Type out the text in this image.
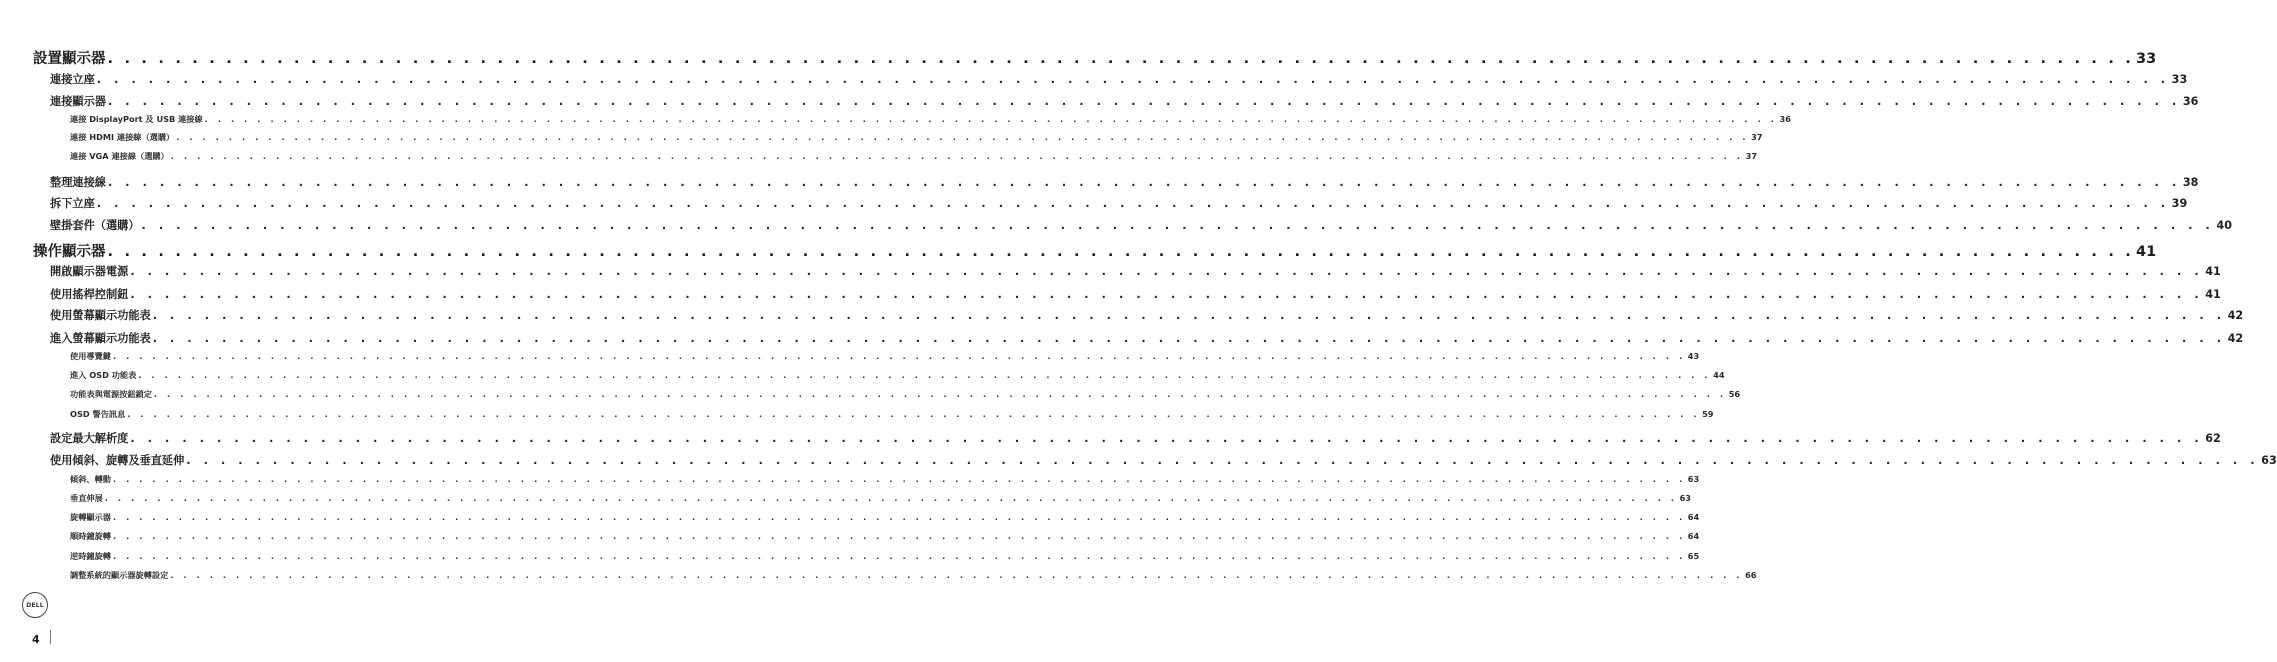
設置顯示器 . . . . . . . . . . . . . . . . . . . . . . . . . . . . . . . . . . . . . . . . . . . . . . . . . . . . . . . . . . . . . . . . . . . . . . . . . . . . . . . . . . . . . . . . . . . . . . . . . . . . . . . . . . . . . . . . . . . . . . . . 33
連接立座 . . . . . . . . . . . . . . . . . . . . . . . . . . . . . . . . . . . . . . . . . . . . . . . . . . . . . . . . . . . . . . . . . . . . . . . . . . . . . . . . . . . . . . . . . . . . . . . . . . . . . . . . . . . . . . . . . . . . . . . . 33
連接顯示器 . . . . . . . . . . . . . . . . . . . . . . . . . . . . . . . . . . . . . . . . . . . . . . . . . . . . . . . . . . . . . . . . . . . . . . . . . . . . . . . . . . . . . . . . . . . . . . . . . . . . . . . . . . . . . . . . . . . . . . . . 36
連接 DisplayPort 及 USB 連接線 . . . . . . . . . . . . . . . . . . . . . . . . . . . . . . . . . . . . . . . . . . . . . . . . . . . . . . . . . . . . . . . . . . . . . . . . . . . . . . . . . . . . . . . . . . . . . . . . . . . . . . . . . . . . . . . . . . . . . . . . 36
連接 HDMI 連接線（選購） . . . . . . . . . . . . . . . . . . . . . . . . . . . . . . . . . . . . . . . . . . . . . . . . . . . . . . . . . . . . . . . . . . . . . . . . . . . . . . . . . . . . . . . . . . . . . . . . . . . . . . . . . . . . . . . . . . . . . . . . 37
連接 VGA 連接線（選購） . . . . . . . . . . . . . . . . . . . . . . . . . . . . . . . . . . . . . . . . . . . . . . . . . . . . . . . . . . . . . . . . . . . . . . . . . . . . . . . . . . . . . . . . . . . . . . . . . . . . . . . . . . . . . . . . . . . . . . . . 37
整理連接線 . . . . . . . . . . . . . . . . . . . . . . . . . . . . . . . . . . . . . . . . . . . . . . . . . . . . . . . . . . . . . . . . . . . . . . . . . . . . . . . . . . . . . . . . . . . . . . . . . . . . . . . . . . . . . . . . . . . . . . . . 38
拆下立座 . . . . . . . . . . . . . . . . . . . . . . . . . . . . . . . . . . . . . . . . . . . . . . . . . . . . . . . . . . . . . . . . . . . . . . . . . . . . . . . . . . . . . . . . . . . . . . . . . . . . . . . . . . . . . . . . . . . . . . . . 39
壁掛套件（選購） . . . . . . . . . . . . . . . . . . . . . . . . . . . . . . . . . . . . . . . . . . . . . . . . . . . . . . . . . . . . . . . . . . . . . . . . . . . . . . . . . . . . . . . . . . . . . . . . . . . . . . . . . . . . . . . . . . . . . . . . 40
操作顯示器 . . . . . . . . . . . . . . . . . . . . . . . . . . . . . . . . . . . . . . . . . . . . . . . . . . . . . . . . . . . . . . . . . . . . . . . . . . . . . . . . . . . . . . . . . . . . . . . . . . . . . . . . . . . . . . . . . . . . . . . . 41
開啟顯示器電源 . . . . . . . . . . . . . . . . . . . . . . . . . . . . . . . . . . . . . . . . . . . . . . . . . . . . . . . . . . . . . . . . . . . . . . . . . . . . . . . . . . . . . . . . . . . . . . . . . . . . . . . . . . . . . . . . . . . . . . . . 41
使用搖桿控制鈕 . . . . . . . . . . . . . . . . . . . . . . . . . . . . . . . . . . . . . . . . . . . . . . . . . . . . . . . . . . . . . . . . . . . . . . . . . . . . . . . . . . . . . . . . . . . . . . . . . . . . . . . . . . . . . . . . . . . . . . . . 41
使用螢幕顯示功能表 . . . . . . . . . . . . . . . . . . . . . . . . . . . . . . . . . . . . . . . . . . . . . . . . . . . . . . . . . . . . . . . . . . . . . . . . . . . . . . . . . . . . . . . . . . . . . . . . . . . . . . . . . . . . . . . . . . . . . . . . 42
進入螢幕顯示功能表 . . . . . . . . . . . . . . . . . . . . . . . . . . . . . . . . . . . . . . . . . . . . . . . . . . . . . . . . . . . . . . . . . . . . . . . . . . . . . . . . . . . . . . . . . . . . . . . . . . . . . . . . . . . . . . . . . . . . . . . . 42
使用導覽鍵 . . . . . . . . . . . . . . . . . . . . . . . . . . . . . . . . . . . . . . . . . . . . . . . . . . . . . . . . . . . . . . . . . . . . . . . . . . . . . . . . . . . . . . . . . . . . . . . . . . . . . . . . . . . . . . . . . . . . . . . . 43
進入 OSD 功能表 . . . . . . . . . . . . . . . . . . . . . . . . . . . . . . . . . . . . . . . . . . . . . . . . . . . . . . . . . . . . . . . . . . . . . . . . . . . . . . . . . . . . . . . . . . . . . . . . . . . . . . . . . . . . . . . . . . . . . . . . 44
功能表與電源按鈕鎖定 . . . . . . . . . . . . . . . . . . . . . . . . . . . . . . . . . . . . . . . . . . . . . . . . . . . . . . . . . . . . . . . . . . . . . . . . . . . . . . . . . . . . . . . . . . . . . . . . . . . . . . . . . . . . . . . . . . . . . . . . 56
OSD 警告訊息 . . . . . . . . . . . . . . . . . . . . . . . . . . . . . . . . . . . . . . . . . . . . . . . . . . . . . . . . . . . . . . . . . . . . . . . . . . . . . . . . . . . . . . . . . . . . . . . . . . . . . . . . . . . . . . . . . . . . . . . . 59
設定最大解析度 . . . . . . . . . . . . . . . . . . . . . . . . . . . . . . . . . . . . . . . . . . . . . . . . . . . . . . . . . . . . . . . . . . . . . . . . . . . . . . . . . . . . . . . . . . . . . . . . . . . . . . . . . . . . . . . . . . . . . . . . 62
使用傾斜、旋轉及垂直延伸 . . . . . . . . . . . . . . . . . . . . . . . . . . . . . . . . . . . . . . . . . . . . . . . . . . . . . . . . . . . . . . . . . . . . . . . . . . . . . . . . . . . . . . . . . . . . . . . . . . . . . . . . . . . . . . . . . . . . . . . . 63
傾斜、轉動 . . . . . . . . . . . . . . . . . . . . . . . . . . . . . . . . . . . . . . . . . . . . . . . . . . . . . . . . . . . . . . . . . . . . . . . . . . . . . . . . . . . . . . . . . . . . . . . . . . . . . . . . . . . . . . . . . . . . . . . . 63
垂直伸展 . . . . . . . . . . . . . . . . . . . . . . . . . . . . . . . . . . . . . . . . . . . . . . . . . . . . . . . . . . . . . . . . . . . . . . . . . . . . . . . . . . . . . . . . . . . . . . . . . . . . . . . . . . . . . . . . . . . . . . . . 63
旋轉顯示器 . . . . . . . . . . . . . . . . . . . . . . . . . . . . . . . . . . . . . . . . . . . . . . . . . . . . . . . . . . . . . . . . . . . . . . . . . . . . . . . . . . . . . . . . . . . . . . . . . . . . . . . . . . . . . . . . . . . . . . . . 64
順時鐘旋轉 . . . . . . . . . . . . . . . . . . . . . . . . . . . . . . . . . . . . . . . . . . . . . . . . . . . . . . . . . . . . . . . . . . . . . . . . . . . . . . . . . . . . . . . . . . . . . . . . . . . . . . . . . . . . . . . . . . . . . . . . 64
逆時鐘旋轉 . . . . . . . . . . . . . . . . . . . . . . . . . . . . . . . . . . . . . . . . . . . . . . . . . . . . . . . . . . . . . . . . . . . . . . . . . . . . . . . . . . . . . . . . . . . . . . . . . . . . . . . . . . . . . . . . . . . . . . . . 65
調整系統的顯示器旋轉設定 . . . . . . . . . . . . . . . . . . . . . . . . . . . . . . . . . . . . . . . . . . . . . . . . . . . . . . . . . . . . . . . . . . . . . . . . . . . . . . . . . . . . . . . . . . . . . . . . . . . . . . . . . . . . . . . . . . . . . . . . 66
DELL
4
